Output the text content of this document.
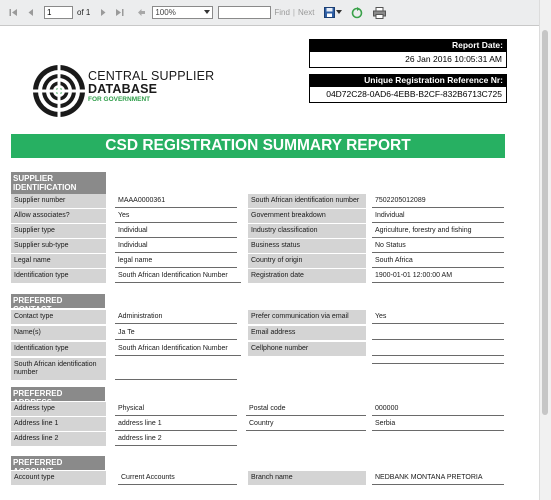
1
of 1	100%	Find | Next
CENTRAL SUPPLIER
DATABASE
FOR GOVERNMENT
Report Date:
26 Jan 2016 10:05:31 AM
Unique Registration Reference Nr:
04D72C28-0AD6-4EBB-B2CF-832B6713C725
CSD REGISTRATION SUMMARY REPORT
SUPPLIER IDENTIFICATION
Supplier number	MAAA0000361	South African identification number	7502205012089
Allow associates?	Yes	Government breakdown	Individual
Supplier type	Individual	Industry classification	Agriculture, forestry and fishing
Supplier sub-type	Individual	Business status	No Status
Legal name	legal name	Country of origin	South Africa
Identification type	South African Identification Number	Registration date	1900-01-01 12:00:00 AM
PREFERRED
Contact type	Administration	Prefer communication via email	Yes
Name(s)	Ja Te	Email address
Identification type	South African Identification Number	Cellphone number
South African identification number
PREFERRED
Address type	Physical	Postal code	000000
Address line 1	address line 1	Country	Serbia
Address line 2	address line 2
PREFERRED
Account type	Current Accounts	Branch name	NEDBANK MONTANA PRETORIA
